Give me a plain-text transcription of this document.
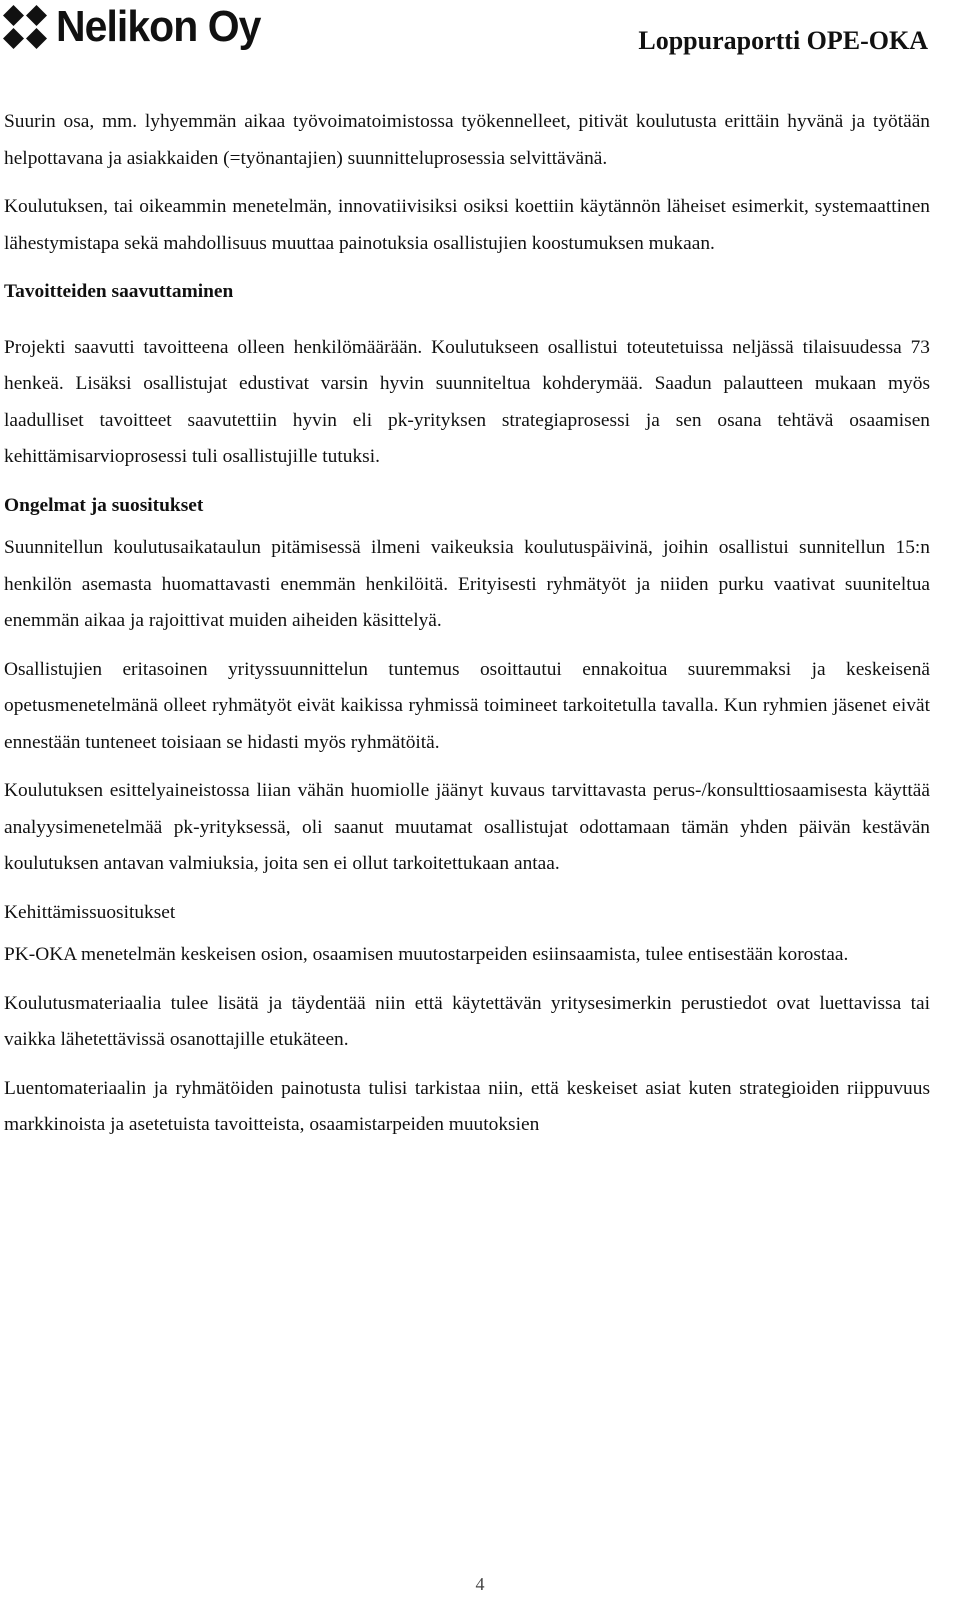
Nelikon Oy	Loppuraportti OPE-OKA

Suurin osa, mm. lyhyemmän aikaa työvoimatoimistossa työkennelleet, pitivät koulutusta erittäin hyvänä ja työtään helpottavana ja asiakkaiden (=työnantajien) suunnitteluprosessia selvittävänä.

Koulutuksen, tai oikeammin menetelmän, innovatiivisiksi osiksi koettiin käytännön läheiset esimerkit, systemaattinen lähestymistapa sekä mahdollisuus muuttaa painotuksia osallistujien koostumuksen mukaan.

Tavoitteiden saavuttaminen

Projekti saavutti tavoitteena olleen henkilömäärään. Koulutukseen osallistui toteutetuissa neljässä tilaisuudessa 73 henkeä. Lisäksi osallistujat edustivat varsin hyvin suunniteltua kohderymää. Saadun palautteen mukaan myös laadulliset tavoitteet saavutettiin hyvin eli pk-yrityksen strategiaprosessi ja sen osana tehtävä osaamisen kehittämisarvioprosessi tuli osallistujille tutuksi.

Ongelmat ja suositukset

Suunnitellun koulutusaikataulun pitämisessä ilmeni vaikeuksia koulutuspäivinä, joihin osallistui sunnitellun 15:n henkilön asemasta huomattavasti enemmän henkilöitä. Erityisesti ryhmätyöt ja niiden purku vaativat suuniteltua enemmän aikaa ja rajoittivat muiden aiheiden käsittelyä.

Osallistujien eritasoinen yrityssuunnittelun tuntemus osoittautui ennakoitua suuremmaksi ja keskeisenä opetusmenetelmänä olleet ryhmätyöt eivät kaikissa ryhmissä toimineet tarkoitetulla tavalla. Kun ryhmien jäsenet eivät ennestään tunteneet toisiaan se hidasti myös ryhmätöitä.

Koulutuksen esittelyaineistossa liian vähän huomiolle jäänyt kuvaus tarvittavasta perus-/konsulttiosaamisesta käyttää analyysimenetelmää pk-yrityksessä, oli saanut muutamat osallistujat odottamaan tämän yhden päivän kestävän koulutuksen antavan valmiuksia, joita sen ei ollut tarkoitettukaan antaa.

Kehittämissuositukset

PK-OKA menetelmän keskeisen osion, osaamisen muutostarpeiden esiinsaamista, tulee entisestään korostaa.

Koulutusmateriaalia tulee lisätä ja täydentää niin että käytettävän yritysesimerkin perustiedot ovat luettavissa tai vaikka lähetettävissä osanottajille etukäteen.

Luentomateriaalin ja ryhmätöiden painotusta tulisi tarkistaa niin, että keskeiset asiat kuten strategioiden riippuvuus markkinoista ja asetetuista tavoitteista, osaamistarpeiden muutoksien

4
